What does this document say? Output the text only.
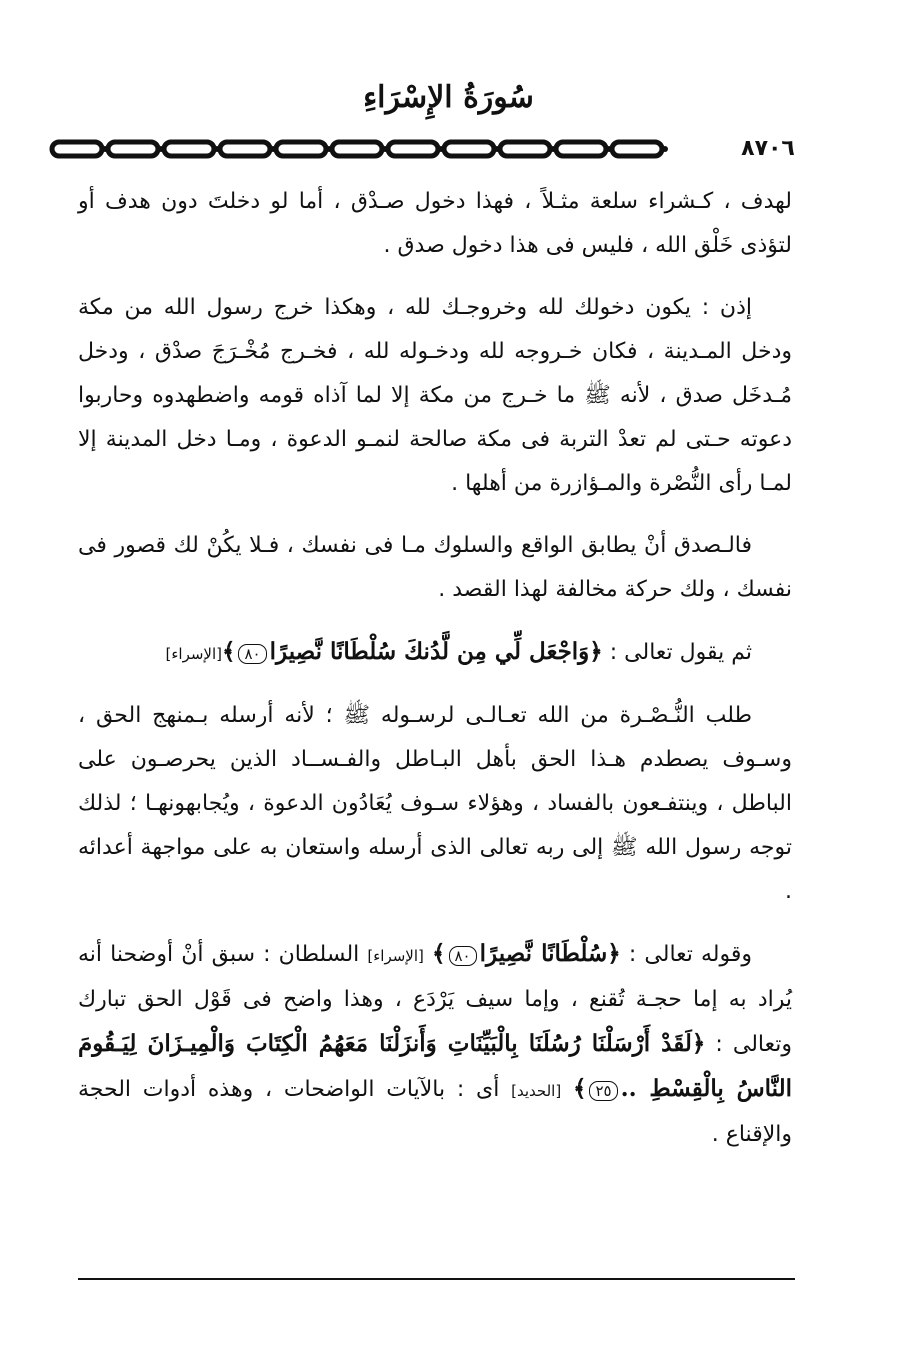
سُورَةُ الإِسْرَاءِ
٨٧٠٦

لهدف ، كـشراء سلعة مثـلاً ، فهذا دخول صـدْق ، أما لو دخلتَ دون هدف أو لتؤذى خَلْق الله ، فليس فى هذا دخول صدق .

إذن : يكون دخولك لله وخروجـك لله ، وهكذا خرج رسول الله من مكة ودخل المـدينة ، فكان خـروجه لله ودخـوله لله ، فخـرج مُخْـرَجَ صدْق ، ودخل مُـدخَل صدق ، لأنه ﷺ ما خـرج من مكة إلا لما آذاه قومه واضطهدوه وحاربوا دعوته حـتى لم تعدْ التربة فى مكة صالحة لنمـو الدعوة ، ومـا دخل المدينة إلا لمـا رأى النُّصْرة والمـؤازرة من أهلها .

فالـصدق أنْ يطابق الواقع والسلوك مـا فى نفسك ، فـلا يكُنْ لك قصور فى نفسك ، ولك حركة مخالفة لهذا القصد .

ثم يقول تعالى : ﴿وَاجْعَل لِّي مِن لَّدُنكَ سُلْطَانًا نَّصِيرًا٨٠﴾[الإسراء]

طلب النُّـصْـرة من الله تعـالـى لرسـوله ﷺ ؛ لأنه أرسله بـمنهج الحق ، وسـوف يصطدم هـذا الحق بأهل البـاطل والفـســاد الذين يحرصـون على الباطل ، وينتفـعون بالفساد ، وهؤلاء سـوف يُعَادُون الدعوة ، ويُجابهونهـا ؛ لذلك توجه رسول الله ﷺ إلى ربه تعالى الذى أرسله واستعان به على مواجهة أعدائه .

وقوله تعالى : ﴿سُلْطَانًا نَّصِيرًا٨٠﴾ [الإسراء] السلطان : سبق أنْ أوضحنا أنه يُراد به إما حجـة تُقنع ، وإما سيف يَرْدَع ، وهذا واضح فى قَوْل الحق تبارك وتعالى : ﴿لَقَدْ أَرْسَلْنَا رُسُلَنَا بِالْبَيِّنَاتِ وَأَنزَلْنَا مَعَهُمُ الْكِتَابَ وَالْمِيـزَانَ لِيَـقُومَ النَّاسُ بِالْقِسْطِ ..٢٥﴾ [الحديد] أى : بالآيات الواضحات ، وهذه أدوات الحجة والإقناع .
